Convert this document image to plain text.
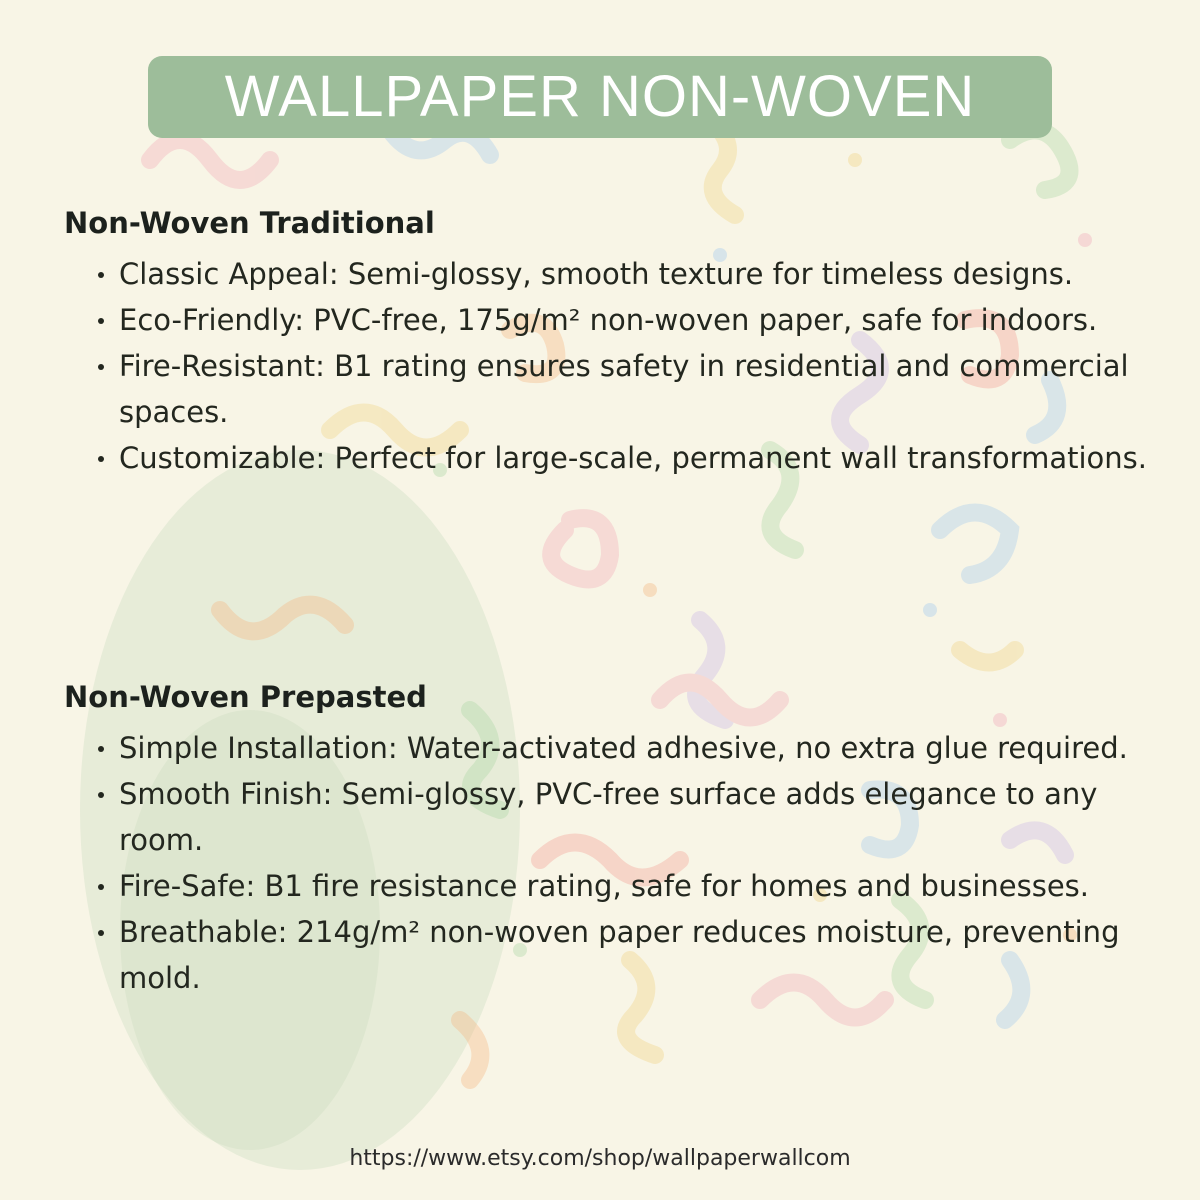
WALLPAPER NON-WOVEN
Non-Woven Traditional
Classic Appeal: Semi-glossy, smooth texture for timeless designs.
Eco-Friendly: PVC-free, 175g/m² non-woven paper, safe for indoors.
Fire-Resistant: B1 rating ensures safety in residential and commercial spaces.
Customizable: Perfect for large-scale, permanent wall transformations.
Non-Woven Prepasted
Simple Installation: Water-activated adhesive, no extra glue required.
Smooth Finish: Semi-glossy, PVC-free surface adds elegance to any room.
Fire-Safe: B1 fire resistance rating, safe for homes and businesses.
Breathable: 214g/m² non-woven paper reduces moisture, preventing mold.
https://www.etsy.com/shop/wallpaperwallcom
